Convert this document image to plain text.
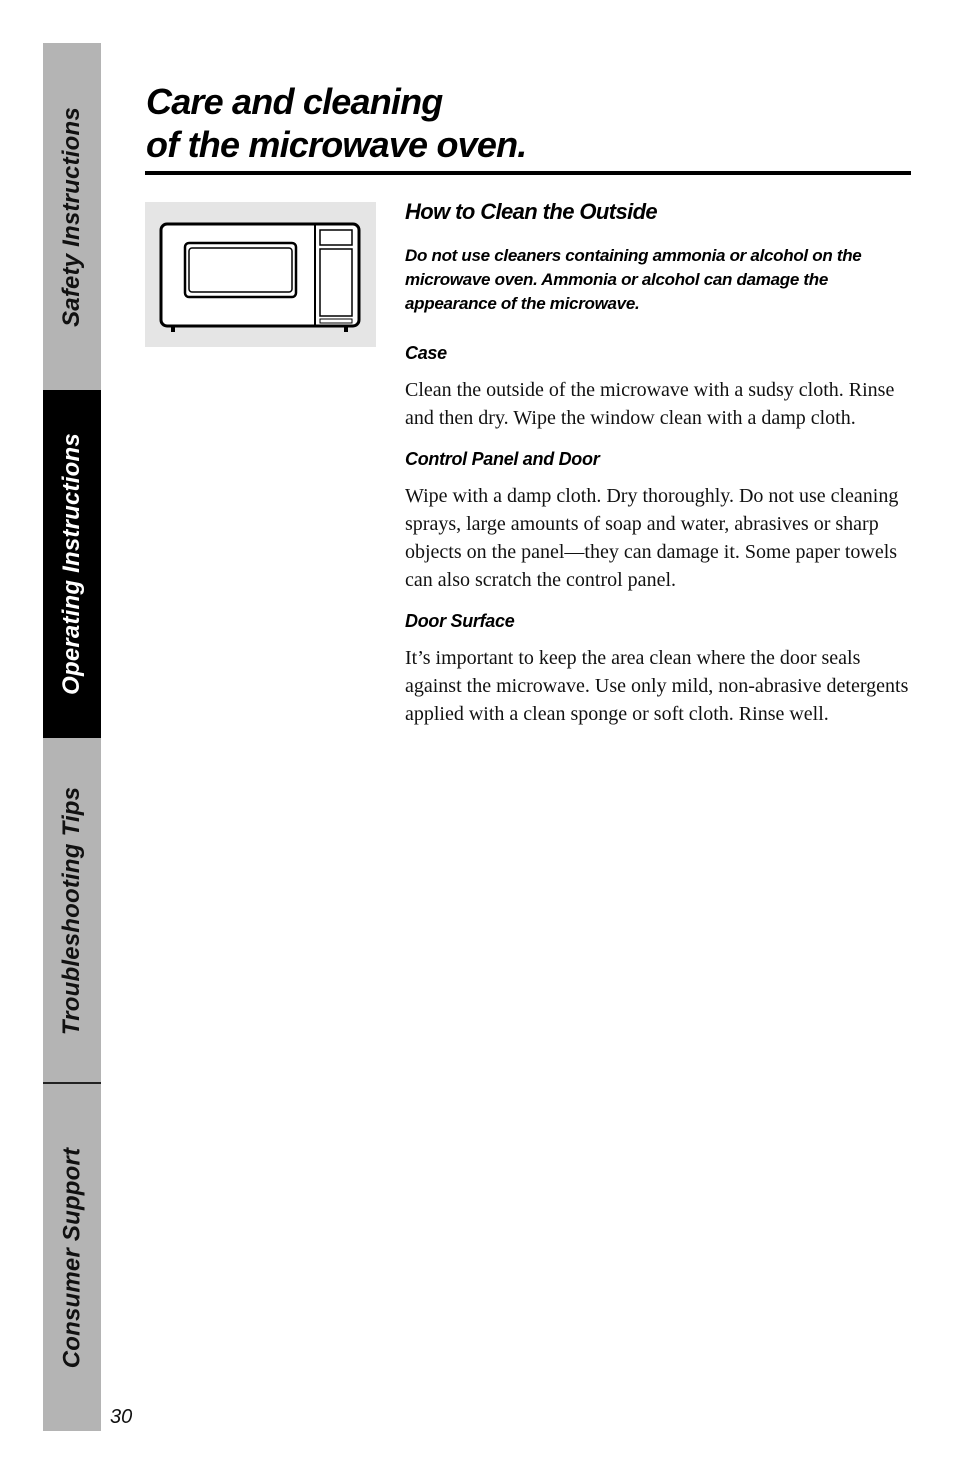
Safety Instructions
Operating Instructions
Troubleshooting Tips
Consumer Support
Care and cleaning
of the microwave oven.
How to Clean the Outside

Do not use cleaners containing ammonia or alcohol on the microwave oven. Ammonia or alcohol can damage the appearance of the microwave.

Case

Clean the outside of the microwave with a sudsy cloth. Rinse and then dry. Wipe the window clean with a damp cloth.

Control Panel and Door

Wipe with a damp cloth. Dry thoroughly. Do not use cleaning sprays, large amounts of soap and water, abrasives or sharp objects on the panel—they can damage it. Some paper towels can also scratch the control panel.

Door Surface

It’s important to keep the area clean where the door seals against the microwave. Use only mild, non-abrasive detergents applied with a clean sponge or soft cloth. Rinse well.

30
